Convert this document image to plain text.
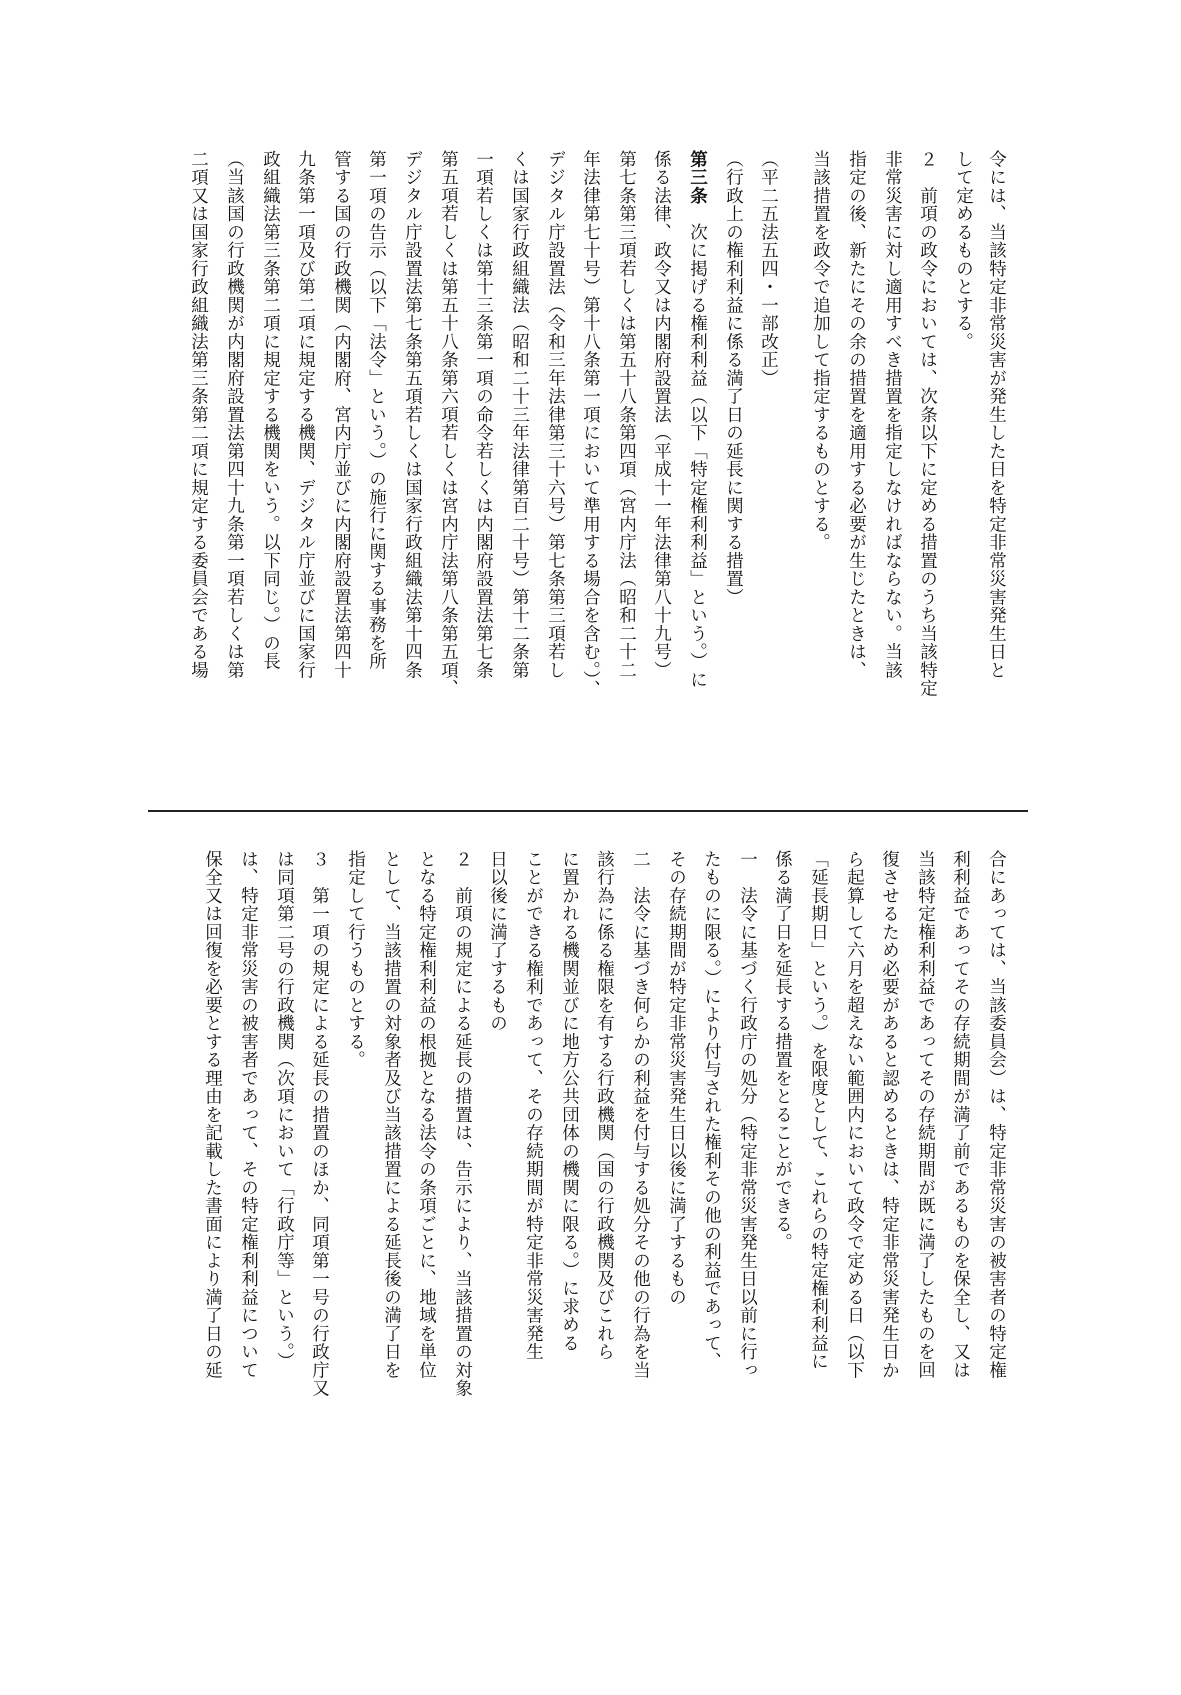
令には、当該特定非常災害が発生した日を特定非常災害発生日と
して定めるものとする。
２　前項の政令においては、次条以下に定める措置のうち当該特定
非常災害に対し適用すべき措置を指定しなければならない。当該
指定の後、新たにその余の措置を適用する必要が生じたときは、
当該措置を政令で追加して指定するものとする。
（平二五法五四・一部改正）
（行政上の権利利益に係る満了日の延長に関する措置）
第三条　次に掲げる権利利益（以下「特定権利利益」という。）に
係る法律、政令又は内閣府設置法（平成十一年法律第八十九号）
第七条第三項若しくは第五十八条第四項（宮内庁法（昭和二十二
年法律第七十号）第十八条第一項において準用する場合を含む。）、
デジタル庁設置法（令和三年法律第三十六号）第七条第三項若し
くは国家行政組織法（昭和二十三年法律第百二十号）第十二条第
一項若しくは第十三条第一項の命令若しくは内閣府設置法第七条
第五項若しくは第五十八条第六項若しくは宮内庁法第八条第五項、
デジタル庁設置法第七条第五項若しくは国家行政組織法第十四条
第一項の告示（以下「法令」という。）の施行に関する事務を所
管する国の行政機関（内閣府、宮内庁並びに内閣府設置法第四十
九条第一項及び第二項に規定する機関、デジタル庁並びに国家行
政組織法第三条第二項に規定する機関をいう。以下同じ。）の長
（当該国の行政機関が内閣府設置法第四十九条第一項若しくは第
二項又は国家行政組織法第三条第二項に規定する委員会である場
合にあっては、当該委員会）は、特定非常災害の被害者の特定権
利利益であってその存続期間が満了前であるものを保全し、又は
当該特定権利利益であってその存続期間が既に満了したものを回
復させるため必要があると認めるときは、特定非常災害発生日か
ら起算して六月を超えない範囲内において政令で定める日（以下
「延長期日」という。）を限度として、これらの特定権利利益に
係る満了日を延長する措置をとることができる。
一　法令に基づく行政庁の処分（特定非常災害発生日以前に行っ
たものに限る。）により付与された権利その他の利益であって、
その存続期間が特定非常災害発生日以後に満了するもの
二　法令に基づき何らかの利益を付与する処分その他の行為を当
該行為に係る権限を有する行政機関（国の行政機関及びこれら
に置かれる機関並びに地方公共団体の機関に限る。）に求める
ことができる権利であって、その存続期間が特定非常災害発生
日以後に満了するもの
２　前項の規定による延長の措置は、告示により、当該措置の対象
となる特定権利利益の根拠となる法令の条項ごとに、地域を単位
として、当該措置の対象者及び当該措置による延長後の満了日を
指定して行うものとする。
３　第一項の規定による延長の措置のほか、同項第一号の行政庁又
は同項第二号の行政機関（次項において「行政庁等」という。）
は、特定非常災害の被害者であって、その特定権利利益について
保全又は回復を必要とする理由を記載した書面により満了日の延
